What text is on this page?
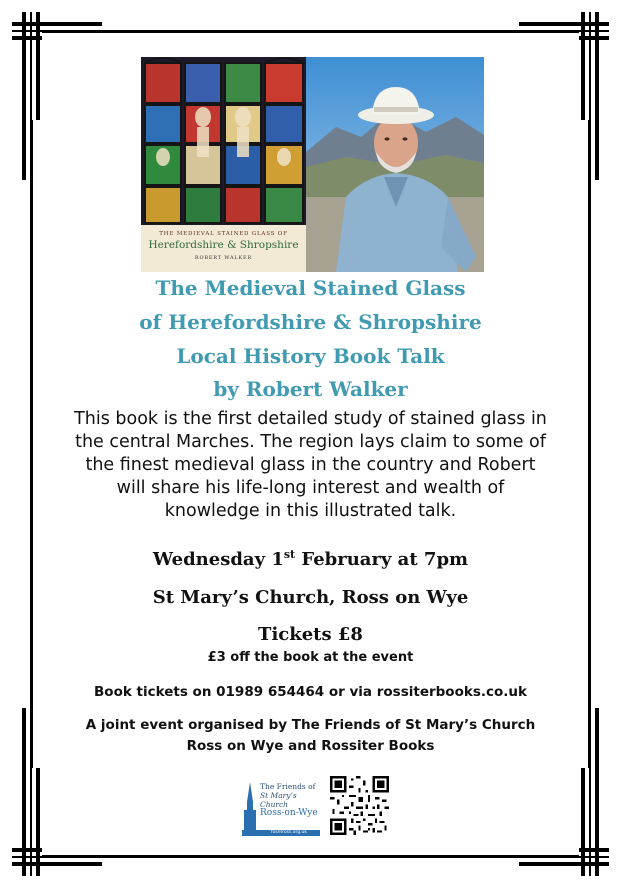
THE MEDIEVAL STAINED GLASS OF
Herefordshire & Shropshire
ROBERT WALKER
The Medieval Stained Glass
of Herefordshire & Shropshire
Local History Book Talk
by Robert Walker
This book is the first detailed study of stained glass in
the central Marches. The region lays claim to some of
the finest medieval glass in the country and Robert
will share his life-long interest and wealth of
knowledge in this illustrated talk.
Wednesday 1st February at 7pm
St Mary’s Church, Ross on Wye
Tickets £8
£3 off the book at the event
Book tickets on 01989 654464 or via rossiterbooks.co.uk
A joint event organised by The Friends of St Mary’s Church
Ross on Wye and Rossiter Books
The Friends of
St Mary’s Church
Ross-on-Wye
fosmross.org.uk
